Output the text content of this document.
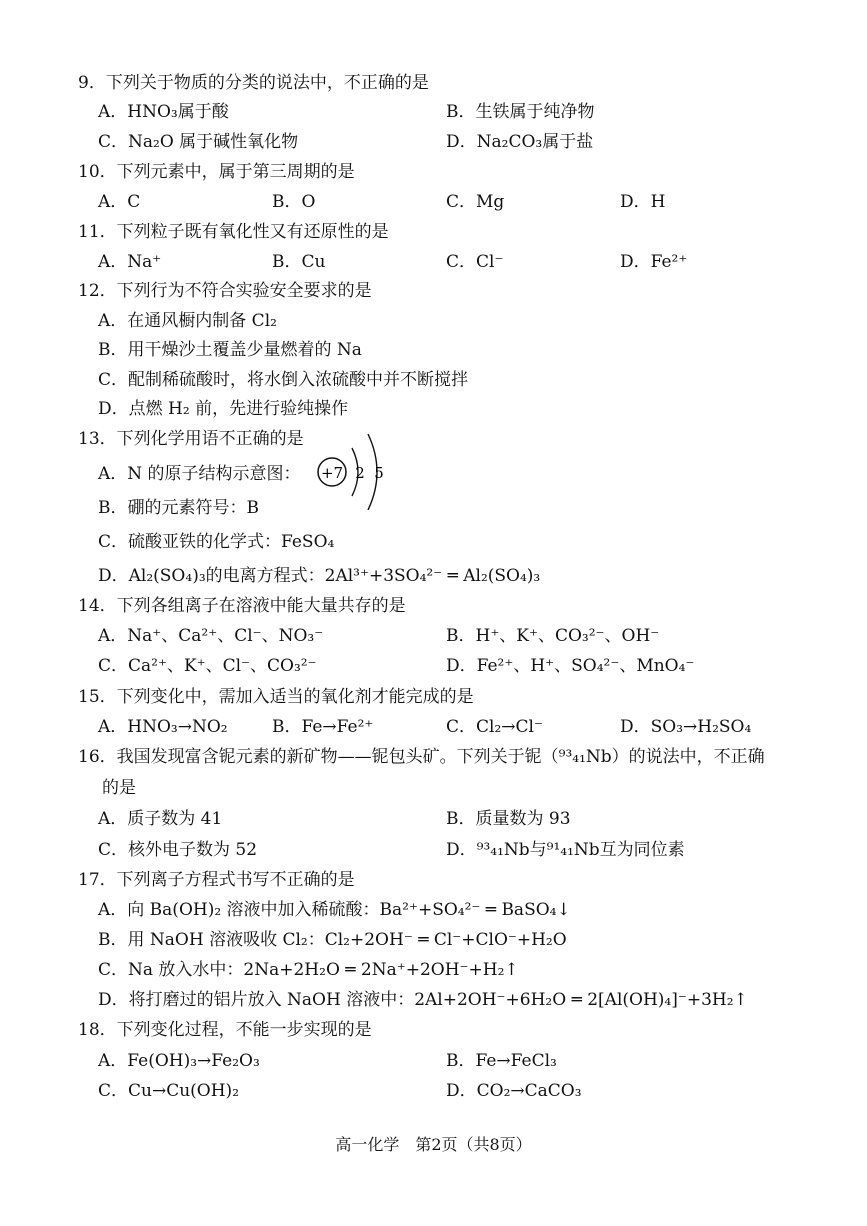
9．下列关于物质的分类的说法中，不正确的是
A．HNO₃属于酸	B．生铁属于纯净物
C．Na₂O 属于碱性氧化物	D．Na₂CO₃属于盐
10．下列元素中，属于第三周期的是
A．C	B．O	C．Mg	D．H
11．下列粒子既有氧化性又有还原性的是
A．Na⁺	B．Cu	C．Cl⁻	D．Fe²⁺
12．下列行为不符合实验安全要求的是
A．在通风橱内制备 Cl₂
B．用干燥沙土覆盖少量燃着的 Na
C．配制稀硫酸时，将水倒入浓硫酸中并不断搅拌
D．点燃 H₂ 前，先进行验纯操作
13．下列化学用语不正确的是
A．N 的原子结构示意图： +7 2 5
B．硼的元素符号：B
C．硫酸亚铁的化学式：FeSO₄
D．Al₂(SO₄)₃的电离方程式：2Al³⁺+3SO₄²⁻ ═ Al₂(SO₄)₃
14．下列各组离子在溶液中能大量共存的是
A．Na⁺、Ca²⁺、Cl⁻、NO₃⁻	B．H⁺、K⁺、CO₃²⁻、OH⁻
C．Ca²⁺、K⁺、Cl⁻、CO₃²⁻	D．Fe²⁺、H⁺、SO₄²⁻、MnO₄⁻
15．下列变化中，需加入适当的氧化剂才能完成的是
A．HNO₃→NO₂	B．Fe→Fe²⁺	C．Cl₂→Cl⁻	D．SO₃→H₂SO₄
16．我国发现富含铌元素的新矿物——铌包头矿。下列关于铌（⁹³₄₁Nb）的说法中，不正确
的是
A．质子数为 41	B．质量数为 93
C．核外电子数为 52	D．⁹³₄₁Nb与⁹¹₄₁Nb互为同位素
17．下列离子方程式书写不正确的是
A．向 Ba(OH)₂ 溶液中加入稀硫酸：Ba²⁺+SO₄²⁻ ═ BaSO₄↓
B．用 NaOH 溶液吸收 Cl₂：Cl₂+2OH⁻ ═ Cl⁻+ClO⁻+H₂O
C．Na 放入水中：2Na+2H₂O ═ 2Na⁺+2OH⁻+H₂↑
D．将打磨过的铝片放入 NaOH 溶液中：2Al+2OH⁻+6H₂O ═ 2[Al(OH)₄]⁻+3H₂↑
18．下列变化过程，不能一步实现的是
A．Fe(OH)₃→Fe₂O₃	B．Fe→FeCl₃
C．Cu→Cu(OH)₂	D．CO₂→CaCO₃
高一化学　第2页（共8页）
